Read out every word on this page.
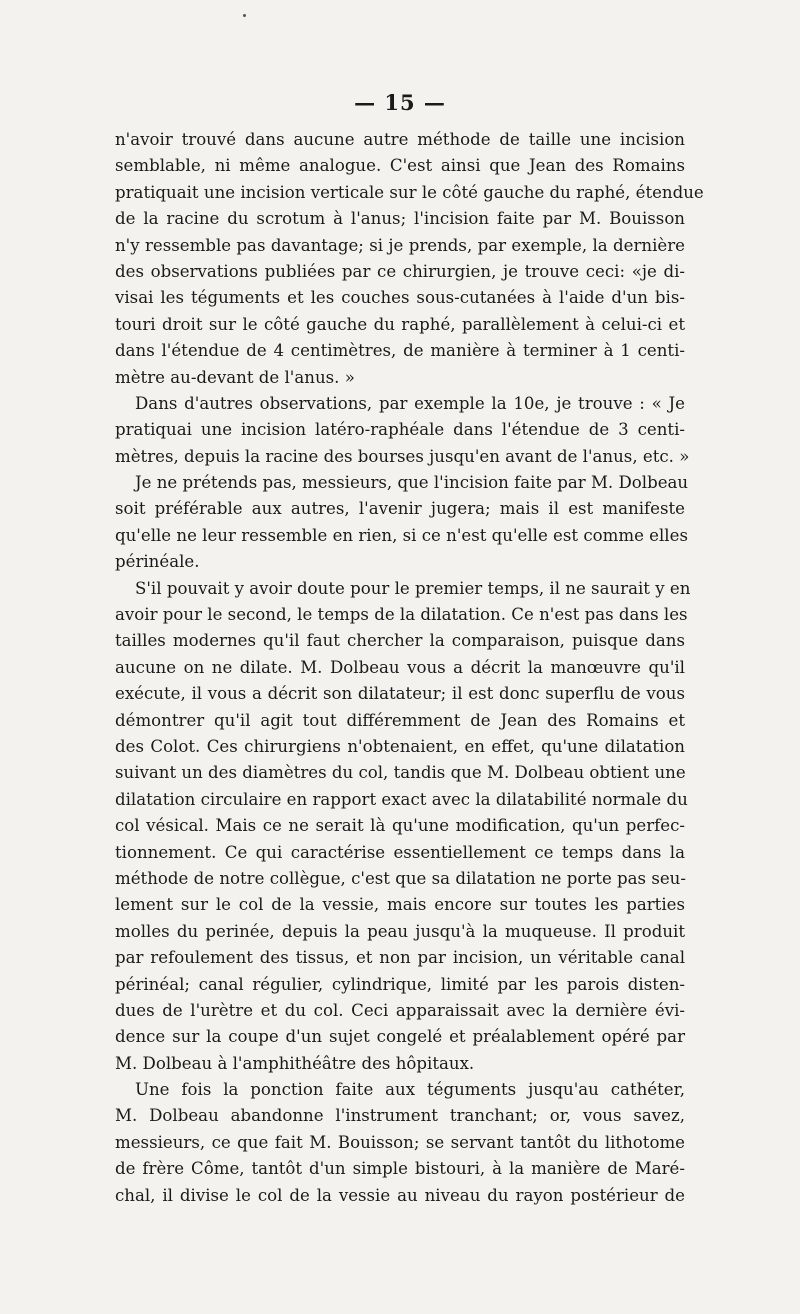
— 15 —
n'avoir trouvé dans aucune autre méthode de taille une incision
semblable, ni même analogue. C'est ainsi que Jean des Romains
pratiquait une incision verticale sur le côté gauche du raphé, étendue
de la racine du scrotum à l'anus; l'incision faite par M. Bouisson
n'y ressemble pas davantage; si je prends, par exemple, la dernière
des observations publiées par ce chirurgien, je trouve ceci: «je di-
visai les téguments et les couches sous-cutanées à l'aide d'un bis-
touri droit sur le côté gauche du raphé, parallèlement à celui-ci et
dans l'étendue de 4 centimètres, de manière à terminer à 1 centi-
mètre au-devant de l'anus. »
Dans d'autres observations, par exemple la 10e, je trouve : « Je
pratiquai une incision latéro-raphéale dans l'étendue de 3 centi-
mètres, depuis la racine des bourses jusqu'en avant de l'anus, etc. »
Je ne prétends pas, messieurs, que l'incision faite par M. Dolbeau
soit préférable aux autres, l'avenir jugera; mais il est manifeste
qu'elle ne leur ressemble en rien, si ce n'est qu'elle est comme elles
périnéale.
S'il pouvait y avoir doute pour le premier temps, il ne saurait y en
avoir pour le second, le temps de la dilatation. Ce n'est pas dans les
tailles modernes qu'il faut chercher la comparaison, puisque dans
aucune on ne dilate. M. Dolbeau vous a décrit la manœuvre qu'il
exécute, il vous a décrit son dilatateur; il est donc superflu de vous
démontrer qu'il agit tout différemment de Jean des Romains et
des Colot. Ces chirurgiens n'obtenaient, en effet, qu'une dilatation
suivant un des diamètres du col, tandis que M. Dolbeau obtient une
dilatation circulaire en rapport exact avec la dilatabilité normale du
col vésical. Mais ce ne serait là qu'une modification, qu'un perfec-
tionnement. Ce qui caractérise essentiellement ce temps dans la
méthode de notre collègue, c'est que sa dilatation ne porte pas seu-
lement sur le col de la vessie, mais encore sur toutes les parties
molles du perinée, depuis la peau jusqu'à la muqueuse. Il produit
par refoulement des tissus, et non par incision, un véritable canal
périnéal; canal régulier, cylindrique, limité par les parois disten-
dues de l'urètre et du col. Ceci apparaissait avec la dernière évi-
dence sur la coupe d'un sujet congelé et préalablement opéré par
M. Dolbeau à l'amphithéâtre des hôpitaux.
Une fois la ponction faite aux téguments jusqu'au cathéter,
M. Dolbeau abandonne l'instrument tranchant; or, vous savez,
messieurs, ce que fait M. Bouisson; se servant tantôt du lithotome
de frère Côme, tantôt d'un simple bistouri, à la manière de Maré-
chal, il divise le col de la vessie au niveau du rayon postérieur de
